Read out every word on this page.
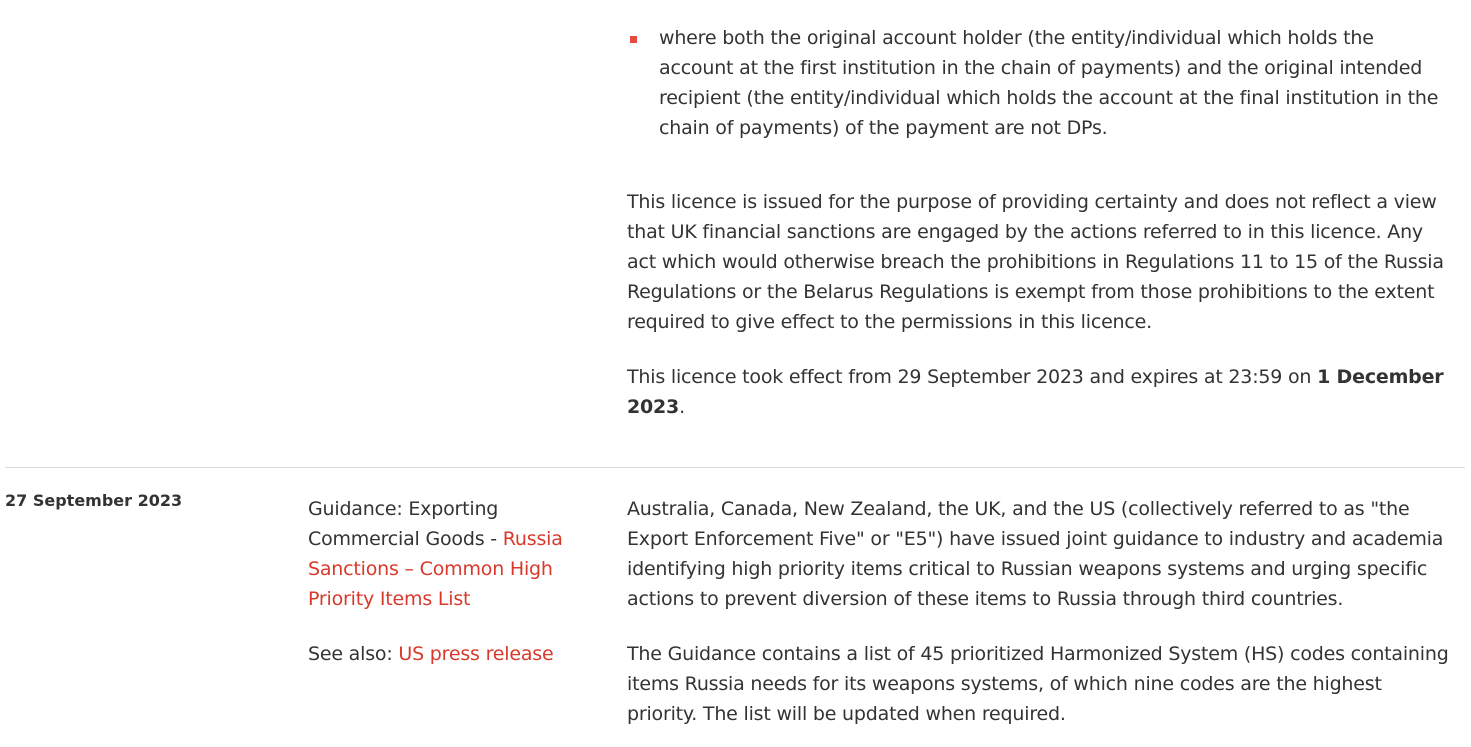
where both the original account holder (the entity/individual which holds the account at the first institution in the chain of payments) and the original intended recipient (the entity/individual which holds the account at the final institution in the chain of payments) of the payment are not DPs.

This licence is issued for the purpose of providing certainty and does not reflect a view that UK financial sanctions are engaged by the actions referred to in this licence. Any act which would otherwise breach the prohibitions in Regulations 11 to 15 of the Russia Regulations or the Belarus Regulations is exempt from those prohibitions to the extent required to give effect to the permissions in this licence.

This licence took effect from 29 September 2023 and expires at 23:59 on 1 December 2023.

27 September 2023	Guidance: Exporting Commercial Goods - Russia Sanctions – Common High Priority Items List

See also: US press release

Australia, Canada, New Zealand, the UK, and the US (collectively referred to as "the Export Enforcement Five" or "E5") have issued joint guidance to industry and academia identifying high priority items critical to Russian weapons systems and urging specific actions to prevent diversion of these items to Russia through third countries.

The Guidance contains a list of 45 prioritized Harmonized System (HS) codes containing items Russia needs for its weapons systems, of which nine codes are the highest priority. The list will be updated when required.
